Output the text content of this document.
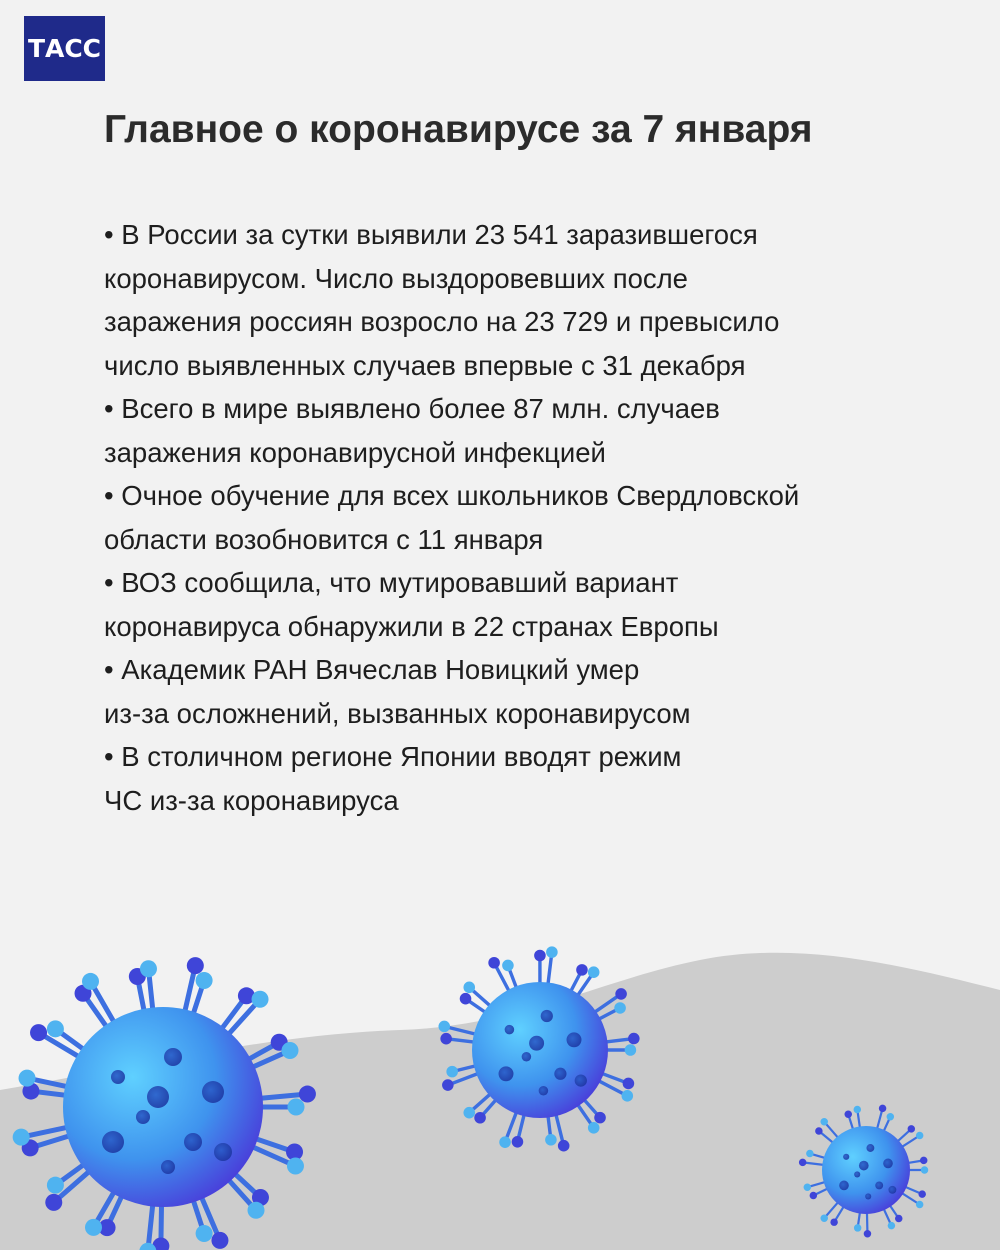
ТАСС
Главное о коронавирусе за 7 января
• В России за сутки выявили 23 541 заразившегося
коронавирусом. Число выздоровевших после
заражения россиян возросло на 23 729 и превысило
число выявленных случаев впервые с 31 декабря
• Всего в мире выявлено более 87 млн. случаев
заражения коронавирусной инфекцией
• Очное обучение для всех школьников Свердловской
области возобновится с 11 января
• ВОЗ сообщила, что мутировавший вариант
коронавируса обнаружили в 22 странах Европы
• Академик РАН Вячеслав Новицкий умер
из-за осложнений, вызванных коронавирусом
• В столичном регионе Японии вводят режим
ЧС из-за коронавируса
